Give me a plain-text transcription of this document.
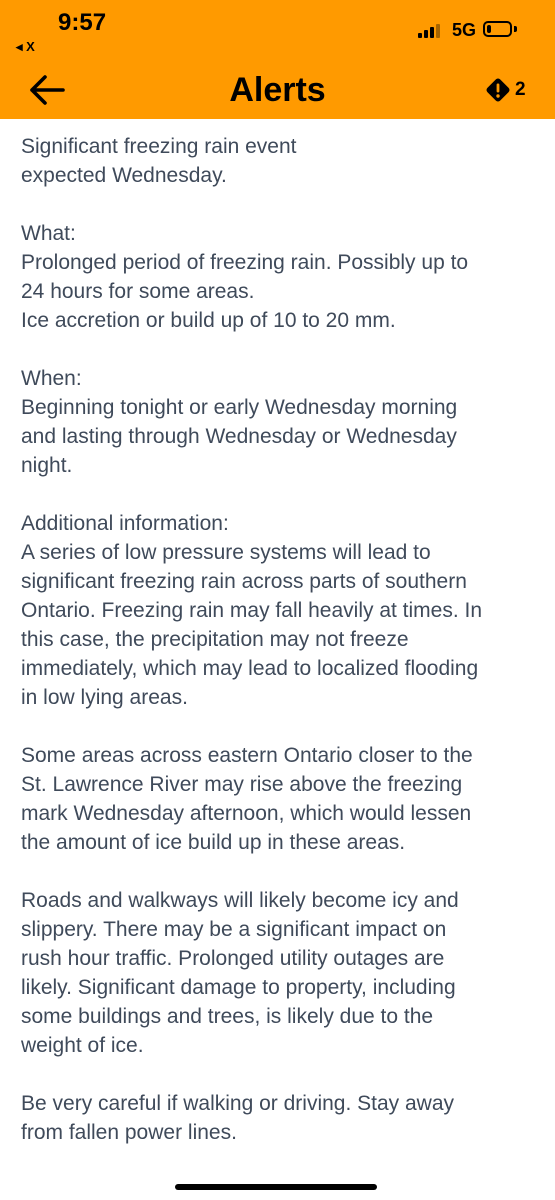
9:57
◂ X
5G
Alerts	2

Significant freezing rain event
expected Wednesday.

What:
Prolonged period of freezing rain. Possibly up to
24 hours for some areas.
Ice accretion or build up of 10 to 20 mm.

When:
Beginning tonight or early Wednesday morning
and lasting through Wednesday or Wednesday
night.

Additional information:
A series of low pressure systems will lead to
significant freezing rain across parts of southern
Ontario. Freezing rain may fall heavily at times. In
this case, the precipitation may not freeze
immediately, which may lead to localized flooding
in low lying areas.

Some areas across eastern Ontario closer to the
St. Lawrence River may rise above the freezing
mark Wednesday afternoon, which would lessen
the amount of ice build up in these areas.

Roads and walkways will likely become icy and
slippery. There may be a significant impact on
rush hour traffic. Prolonged utility outages are
likely. Significant damage to property, including
some buildings and trees, is likely due to the
weight of ice.

Be very careful if walking or driving. Stay away
from fallen power lines.
